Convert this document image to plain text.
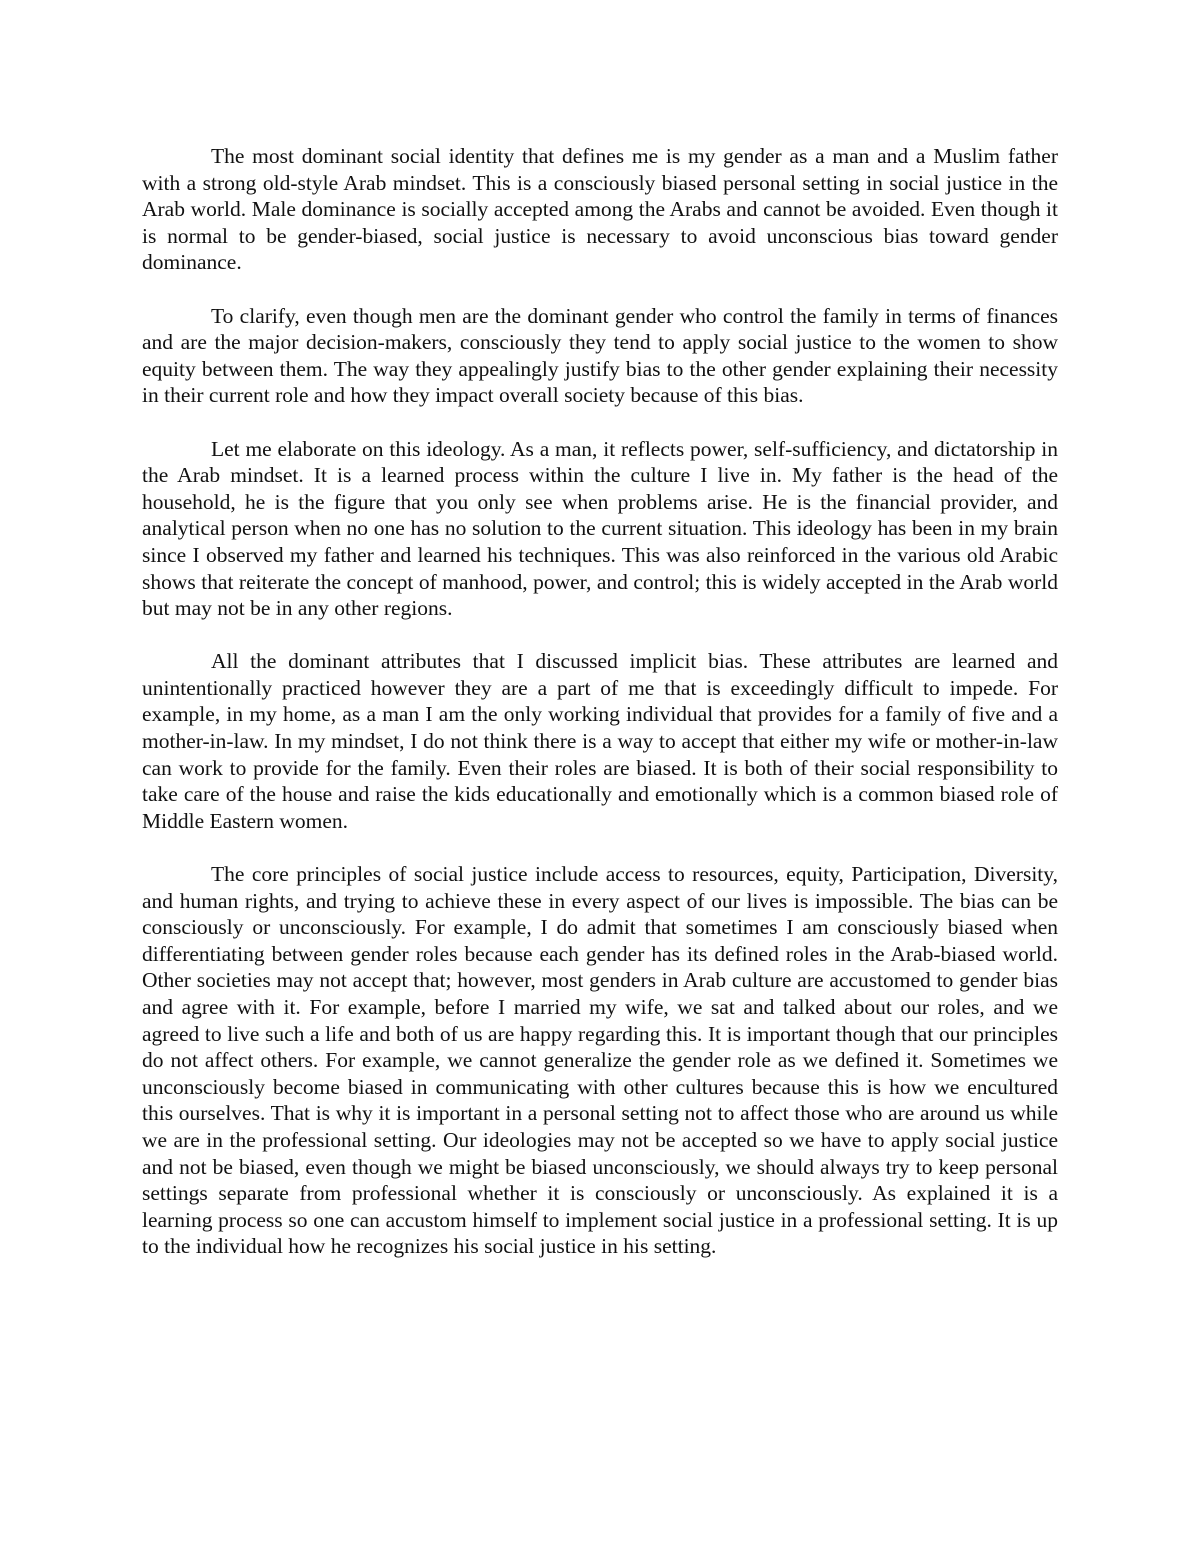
The most dominant social identity that defines me is my gender as a man and a Muslim father with a strong old-style Arab mindset. This is a consciously biased personal setting in social justice in the Arab world. Male dominance is socially accepted among the Arabs and cannot be avoided. Even though it is normal to be gender-biased, social justice is necessary to avoid unconscious bias toward gender dominance.

To clarify, even though men are the dominant gender who control the family in terms of finances and are the major decision-makers, consciously they tend to apply social justice to the women to show equity between them. The way they appealingly justify bias to the other gender explaining their necessity in their current role and how they impact overall society because of this bias.

Let me elaborate on this ideology. As a man, it reflects power, self-sufficiency, and dictatorship in the Arab mindset. It is a learned process within the culture I live in. My father is the head of the household, he is the figure that you only see when problems arise. He is the financial provider, and analytical person when no one has no solution to the current situation. This ideology has been in my brain since I observed my father and learned his techniques. This was also reinforced in the various old Arabic shows that reiterate the concept of manhood, power, and control; this is widely accepted in the Arab world but may not be in any other regions.

All the dominant attributes that I discussed implicit bias. These attributes are learned and unintentionally practiced however they are a part of me that is exceedingly difficult to impede. For example, in my home, as a man I am the only working individual that provides for a family of five and a mother-in-law. In my mindset, I do not think there is a way to accept that either my wife or mother-in-law can work to provide for the family. Even their roles are biased. It is both of their social responsibility to take care of the house and raise the kids educationally and emotionally which is a common biased role of Middle Eastern women.

The core principles of social justice include access to resources, equity, Participation, Diversity, and human rights, and trying to achieve these in every aspect of our lives is impossible. The bias can be consciously or unconsciously. For example, I do admit that sometimes I am consciously biased when differentiating between gender roles because each gender has its defined roles in the Arab-biased world. Other societies may not accept that; however, most genders in Arab culture are accustomed to gender bias and agree with it. For example, before I married my wife, we sat and talked about our roles, and we agreed to live such a life and both of us are happy regarding this. It is important though that our principles do not affect others. For example, we cannot generalize the gender role as we defined it. Sometimes we unconsciously become biased in communicating with other cultures because this is how we encultured this ourselves. That is why it is important in a personal setting not to affect those who are around us while we are in the professional setting. Our ideologies may not be accepted so we have to apply social justice and not be biased, even though we might be biased unconsciously, we should always try to keep personal settings separate from professional whether it is consciously or unconsciously. As explained it is a learning process so one can accustom himself to implement social justice in a professional setting. It is up to the individual how he recognizes his social justice in his setting.
